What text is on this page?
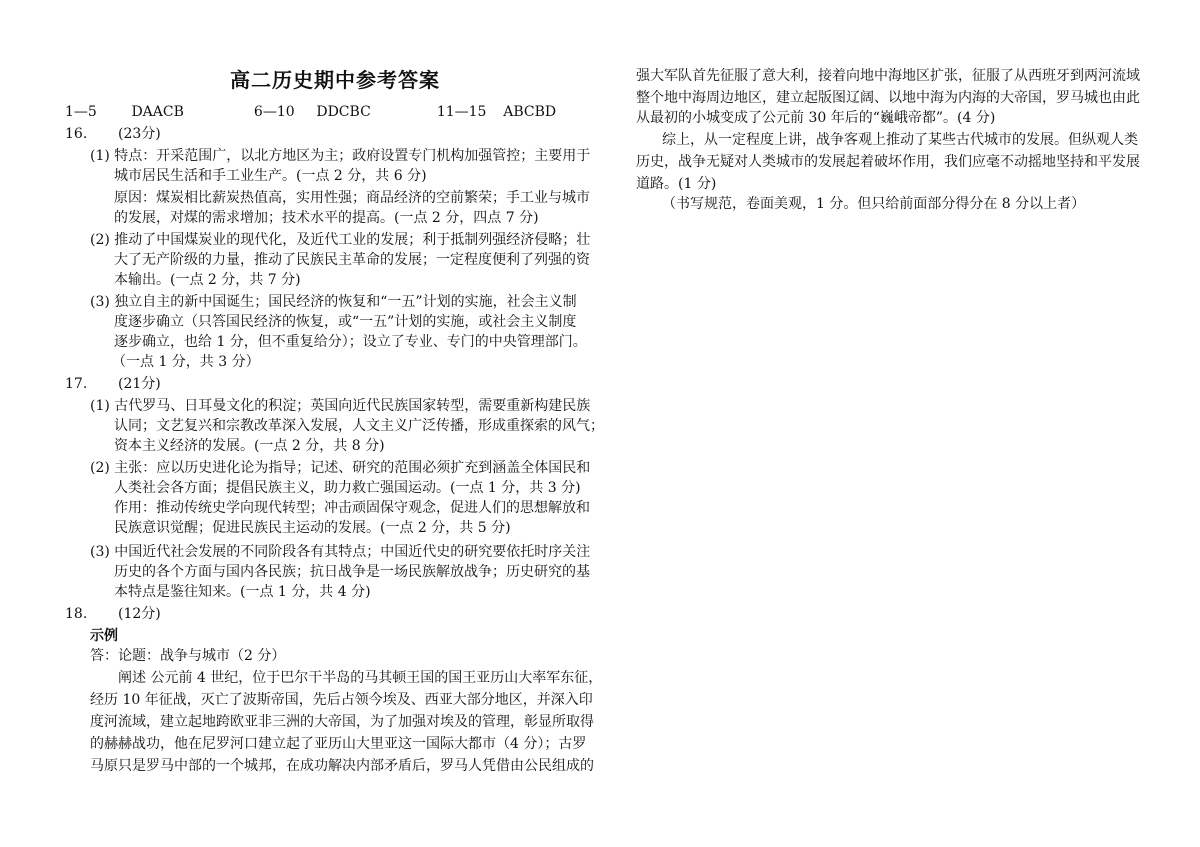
高二历史期中参考答案
1—5 DAACB	6—10 DDCBC	11—15 ABCBD
16. (23分)
(1) 特点：开采范围广，以北方地区为主；政府设置专门机构加强管控；主要用于
城市居民生活和手工业生产。(一点 2 分，共 6 分)
原因：煤炭相比薪炭热值高，实用性强；商品经济的空前繁荣；手工业与城市
的发展，对煤的需求增加；技术水平的提高。(一点 2 分，四点 7 分)
(2) 推动了中国煤炭业的现代化，及近代工业的发展；利于抵制列强经济侵略；壮
大了无产阶级的力量，推动了民族民主革命的发展；一定程度便利了列强的资
本输出。(一点 2 分，共 7 分)
(3) 独立自主的新中国诞生；国民经济的恢复和“一五”计划的实施，社会主义制
度逐步确立（只答国民经济的恢复，或“一五”计划的实施，或社会主义制度
逐步确立，也给 1 分，但不重复给分）；设立了专业、专门的中央管理部门。
（一点 1 分，共 3 分）
17. (21分)
(1) 古代罗马、日耳曼文化的积淀；英国向近代民族国家转型，需要重新构建民族
认同；文艺复兴和宗教改革深入发展，人文主义广泛传播，形成重探索的风气；
资本主义经济的发展。(一点 2 分，共 8 分)
(2) 主张：应以历史进化论为指导；记述、研究的范围必须扩充到涵盖全体国民和
人类社会各方面；提倡民族主义，助力救亡强国运动。(一点 1 分，共 3 分)
作用：推动传统史学向现代转型；冲击顽固保守观念，促进人们的思想解放和
民族意识觉醒；促进民族民主运动的发展。(一点 2 分，共 5 分)
(3) 中国近代社会发展的不同阶段各有其特点；中国近代史的研究要依托时序关注
历史的各个方面与国内各民族；抗日战争是一场民族解放战争；历史研究的基
本特点是鉴往知来。(一点 1 分，共 4 分)
18. (12分)
示例
答：论题：战争与城市（2 分）
阐述 公元前 4 世纪，位于巴尔干半岛的马其顿王国的国王亚历山大率军东征，
经历 10 年征战，灭亡了波斯帝国，先后占领今埃及、西亚大部分地区，并深入印
度河流域，建立起地跨欧亚非三洲的大帝国，为了加强对埃及的管理，彰显所取得
的赫赫战功，他在尼罗河口建立起了亚历山大里亚这一国际大都市（4 分）；古罗
马原只是罗马中部的一个城邦，在成功解决内部矛盾后，罗马人凭借由公民组成的
强大军队首先征服了意大利，接着向地中海地区扩张，征服了从西班牙到两河流域
整个地中海周边地区，建立起版图辽阔、以地中海为内海的大帝国，罗马城也由此
从最初的小城变成了公元前 30 年后的“巍峨帝都”。(4 分)
综上，从一定程度上讲，战争客观上推动了某些古代城市的发展。但纵观人类
历史，战争无疑对人类城市的发展起着破坏作用，我们应毫不动摇地坚持和平发展
道路。(1 分)
（书写规范，卷面美观，1 分。但只给前面部分得分在 8 分以上者）
